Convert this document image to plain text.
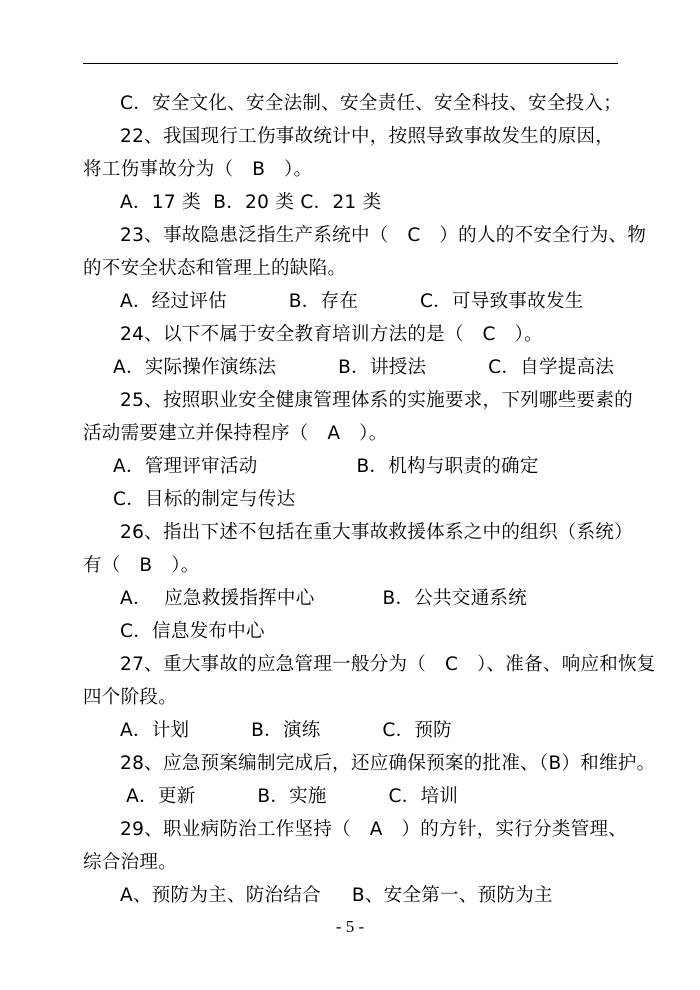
C．安全文化、安全法制、安全责任、安全科技、安全投入；
22、我国现行工伤事故统计中，按照导致事故发生的原因，
将工伤事故分为（　B　）。
A．17 类  B．20 类 C．21 类
23、事故隐患泛指生产系统中（　C　）的人的不安全行为、物
的不安全状态和管理上的缺陷。
A．经过评估          B．存在          C．可导致事故发生
24、以下不属于安全教育培训方法的是（　C　）。
A．实际操作演练法          B．讲授法          C．自学提高法
25、按照职业安全健康管理体系的实施要求，下列哪些要素的
活动需要建立并保持程序（　A　）。
A．管理评审活动                B．机构与职责的确定
C．目标的制定与传达
26、指出下述不包括在重大事故救援体系之中的组织（系统）
有（　B　）。
A．  应急救援指挥中心           B．公共交通系统
C．信息发布中心
27、重大事故的应急管理一般分为（　C　）、准备、响应和恢复
四个阶段。
A．计划          B．演练          C．预防
28、应急预案编制完成后，还应确保预案的批准、（B）和维护。
A．更新          B．实施          C．培训
29、职业病防治工作坚持（　A　）的方针，实行分类管理、
综合治理。
A、预防为主、防治结合     B、安全第一、预防为主
- 5 -
